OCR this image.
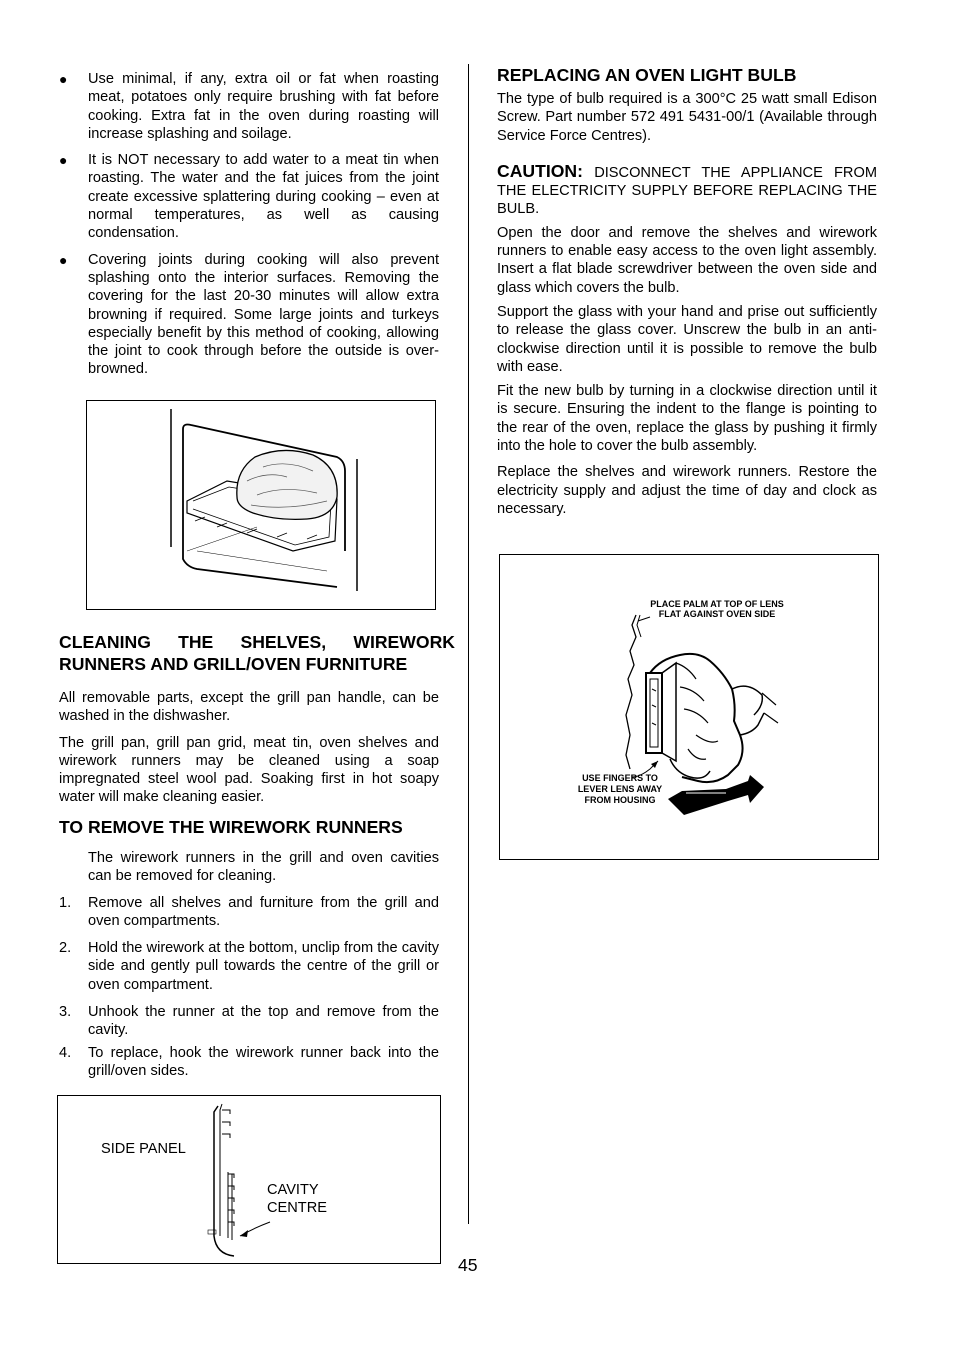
● Use minimal, if any, extra oil or fat when roasting meat, potatoes only require brushing with fat before cooking. Extra fat in the oven during roasting will increase splashing and soilage.
● It is NOT necessary to add water to a meat tin when roasting. The water and the fat juices from the joint create excessive splattering during cooking – even at normal temperatures, as well as causing condensation.
● Covering joints during cooking will also prevent splashing onto the interior surfaces. Removing the covering for the last 20-30 minutes will allow extra browning if required. Some large joints and turkeys especially benefit by this method of cooking, allowing the joint to cook through before the outside is over-browned.
CLEANING THE SHELVES, WIREWORK RUNNERS AND GRILL/OVEN FURNITURE

All removable parts, except the grill pan handle, can be washed in the dishwasher.

The grill pan, grill pan grid, meat tin, oven shelves and wirework runners may be cleaned using a soap impregnated steel wool pad. Soaking first in hot soapy water will make cleaning easier.

TO REMOVE THE WIREWORK RUNNERS

The wirework runners in the grill and oven cavities can be removed for cleaning.

1. Remove all shelves and furniture from the grill and oven compartments.
2. Hold the wirework at the bottom, unclip from the cavity side and gently pull towards the centre of the grill or oven compartment.
3. Unhook the runner at the top and remove from the cavity.
4. To replace, hook the wirework runner back into the grill/oven sides.
SIDE PANEL
CAVITY
CENTRE
REPLACING AN OVEN LIGHT BULB

The type of bulb required is a 300°C 25 watt small Edison Screw. Part number 572 491 5431-00/1 (Available through Service Force Centres).

CAUTION: DISCONNECT THE APPLIANCE FROM THE ELECTRICITY SUPPLY BEFORE REPLACING THE BULB.

Open the door and remove the shelves and wirework runners to enable easy access to the oven light assembly. Insert a flat blade screwdriver between the oven side and glass which covers the bulb.

Support the glass with your hand and prise out sufficiently to release the glass cover. Unscrew the bulb in an anti-clockwise direction until it is possible to remove the bulb with ease.

Fit the new bulb by turning in a clockwise direction until it is secure. Ensuring the indent to the flange is pointing to the rear of the oven, replace the glass by pushing it firmly into the hole to cover the bulb assembly.

Replace the shelves and wirework runners. Restore the electricity supply and adjust the time of day and clock as necessary.

PLACE PALM AT TOP OF LENS
FLAT AGAINST OVEN SIDE
USE FINGERS TO
LEVER LENS AWAY
FROM HOUSING
45
